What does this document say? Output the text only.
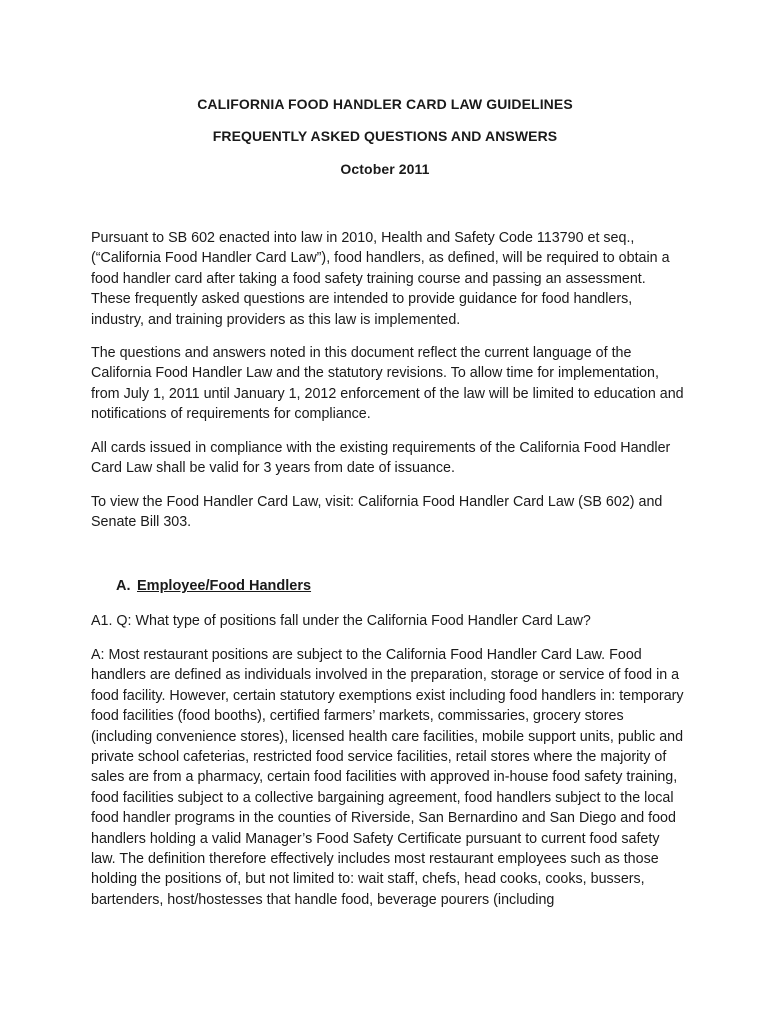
CALIFORNIA FOOD HANDLER CARD LAW GUIDELINES
FREQUENTLY ASKED QUESTIONS AND ANSWERS
October 2011

Pursuant to SB 602 enacted into law in 2010, Health and Safety Code 113790 et seq., (“California Food Handler Card Law”), food handlers, as defined, will be required to obtain a food handler card after taking a food safety training course and passing an assessment. These frequently asked questions are intended to provide guidance for food handlers, industry, and training providers as this law is implemented.

The questions and answers noted in this document reflect the current language of the California Food Handler Law and the statutory revisions. To allow time for implementation, from July 1, 2011 until January 1, 2012 enforcement of the law will be limited to education and notifications of requirements for compliance.

All cards issued in compliance with the existing requirements of the California Food Handler Card Law shall be valid for 3 years from date of issuance.

To view the Food Handler Card Law, visit: California Food Handler Card Law (SB 602) and Senate Bill 303.

A. Employee/Food Handlers

A1. Q: What type of positions fall under the California Food Handler Card Law?

A: Most restaurant positions are subject to the California Food Handler Card Law. Food handlers are defined as individuals involved in the preparation, storage or service of food in a food facility. However, certain statutory exemptions exist including food handlers in: temporary food facilities (food booths), certified farmers’ markets, commissaries, grocery stores (including convenience stores), licensed health care facilities, mobile support units, public and private school cafeterias, restricted food service facilities, retail stores where the majority of sales are from a pharmacy, certain food facilities with approved in-house food safety training, food facilities subject to a collective bargaining agreement, food handlers subject to the local food handler programs in the counties of Riverside, San Bernardino and San Diego and food handlers holding a valid Manager’s Food Safety Certificate pursuant to current food safety law. The definition therefore effectively includes most restaurant employees such as those holding the positions of, but not limited to: wait staff, chefs, head cooks, cooks, bussers, bartenders, host/hostesses that handle food, beverage pourers (including
